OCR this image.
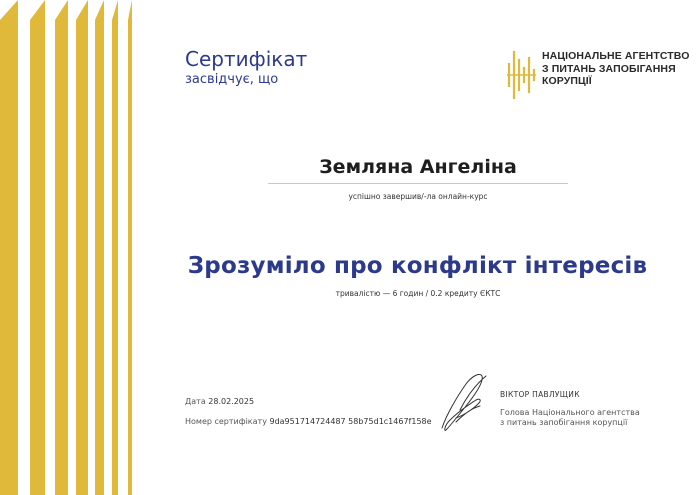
Сертифікат
засвідчує, що
НАЦІОНАЛЬНЕ АГЕНТСТВО
З ПИТАНЬ ЗАПОБІГАННЯ
КОРУПЦІЇ
Земляна Ангеліна
успішно завершив/-ла онлайн-курс
Зрозуміло про конфлікт інтересів
тривалістю — 6 годин / 0.2 кредиту ЄКТС
Дата 28.02.2025
Номер сертифікату 9da951714724487 58b75d1c1467f158e
ВІКТОР ПАВЛУЩИК
Голова Національного агентства
з питань запобігання корупції
